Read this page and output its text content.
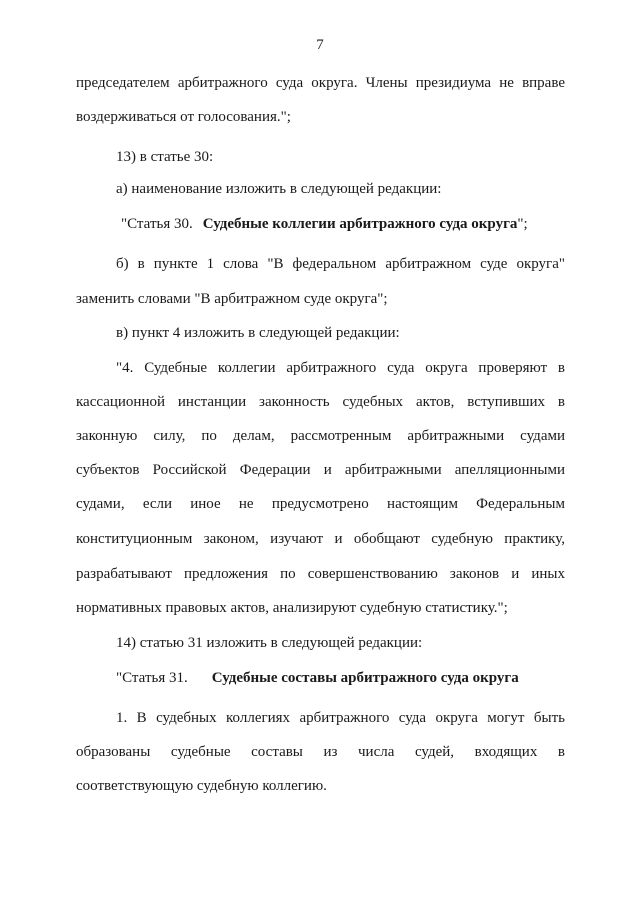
7
председателем арбитражного суда округа. Члены президиума не вправе
воздерживаться от голосования.";
13) в статье 30:
а) наименование изложить в следующей редакции:
"Статья 30. Судебные коллегии арбитражного суда округа";
б) в пункте 1 слова "В федеральном арбитражном суде округа"
заменить словами "В арбитражном суде округа";
в) пункт 4 изложить в следующей редакции:
"4. Судебные коллегии арбитражного суда округа проверяют в
кассационной инстанции законность судебных актов, вступивших в
законную силу, по делам, рассмотренным арбитражными судами
субъектов Российской Федерации и арбитражными апелляционными
судами, если иное не предусмотрено настоящим Федеральным
конституционным законом, изучают и обобщают судебную практику,
разрабатывают предложения по совершенствованию законов и иных
нормативных правовых актов, анализируют судебную статистику.";
14) статью 31 изложить в следующей редакции:
"Статья 31. Судебные составы арбитражного суда округа
1. В судебных коллегиях арбитражного суда округа могут быть
образованы судебные составы из числа судей, входящих в
соответствующую судебную коллегию.
